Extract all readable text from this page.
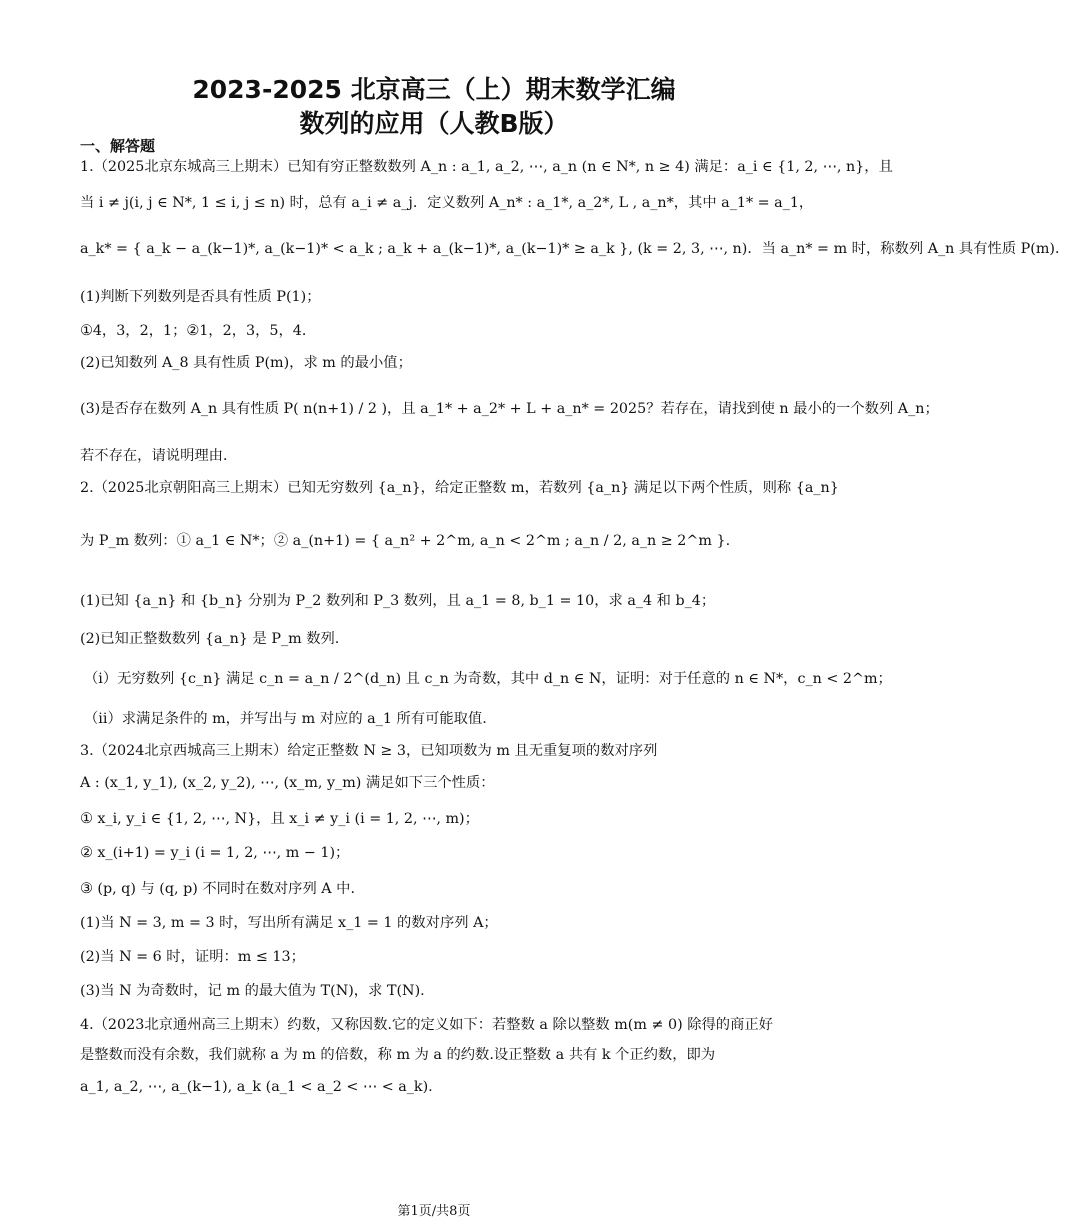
2023-2025 北京高三（上）期末数学汇编
数列的应用（人教B版）
一、解答题
1.（2025北京东城高三上期末）已知有穷正整数数列 A_n : a_1, a_2, ⋯, a_n (n ∈ N*, n ≥ 4) 满足：a_i ∈ {1, 2, ⋯, n}，且
当 i ≠ j(i, j ∈ N*, 1 ≤ i, j ≤ n) 时，总有 a_i ≠ a_j．定义数列 A_n* : a_1*, a_2*, L , a_n*，其中 a_1* = a_1，
a_k* = { a_k − a_(k−1)*, a_(k−1)* < a_k ; a_k + a_(k−1)*, a_(k−1)* ≥ a_k }, (k = 2, 3, ⋯, n)．当 a_n* = m 时，称数列 A_n 具有性质 P(m)．
(1)判断下列数列是否具有性质 P(1)；
①4，3，2，1；②1，2，3，5，4．
(2)已知数列 A_8 具有性质 P(m)，求 m 的最小值；
(3)是否存在数列 A_n 具有性质 P( n(n+1) / 2 )，且 a_1* + a_2* + L + a_n* = 2025？若存在，请找到使 n 最小的一个数列 A_n；
若不存在，请说明理由．
2.（2025北京朝阳高三上期末）已知无穷数列 {a_n}，给定正整数 m，若数列 {a_n} 满足以下两个性质，则称 {a_n}
为 P_m 数列：① a_1 ∈ N*；② a_(n+1) = { a_n² + 2^m, a_n < 2^m ; a_n / 2, a_n ≥ 2^m }.
(1)已知 {a_n} 和 {b_n} 分别为 P_2 数列和 P_3 数列，且 a_1 = 8, b_1 = 10，求 a_4 和 b_4；
(2)已知正整数数列 {a_n} 是 P_m 数列.
（i）无穷数列 {c_n} 满足 c_n = a_n / 2^(d_n) 且 c_n 为奇数，其中 d_n ∈ N，证明：对于任意的 n ∈ N*，c_n < 2^m；
（ii）求满足条件的 m，并写出与 m 对应的 a_1 所有可能取值.
3.（2024北京西城高三上期末）给定正整数 N ≥ 3，已知项数为 m 且无重复项的数对序列
A : (x_1, y_1), (x_2, y_2), ⋯, (x_m, y_m) 满足如下三个性质：
① x_i, y_i ∈ {1, 2, ⋯, N}，且 x_i ≠ y_i (i = 1, 2, ⋯, m)；
② x_(i+1) = y_i (i = 1, 2, ⋯, m − 1)；
③ (p, q) 与 (q, p) 不同时在数对序列 A 中.
(1)当 N = 3, m = 3 时，写出所有满足 x_1 = 1 的数对序列 A；
(2)当 N = 6 时，证明：m ≤ 13；
(3)当 N 为奇数时，记 m 的最大值为 T(N)，求 T(N).
4.（2023北京通州高三上期末）约数，又称因数.它的定义如下：若整数 a 除以整数 m(m ≠ 0) 除得的商正好
是整数而没有余数，我们就称 a 为 m 的倍数，称 m 为 a 的约数.设正整数 a 共有 k 个正约数，即为
a_1, a_2, ⋯, a_(k−1), a_k (a_1 < a_2 < ⋯ < a_k).
第1页/共8页
